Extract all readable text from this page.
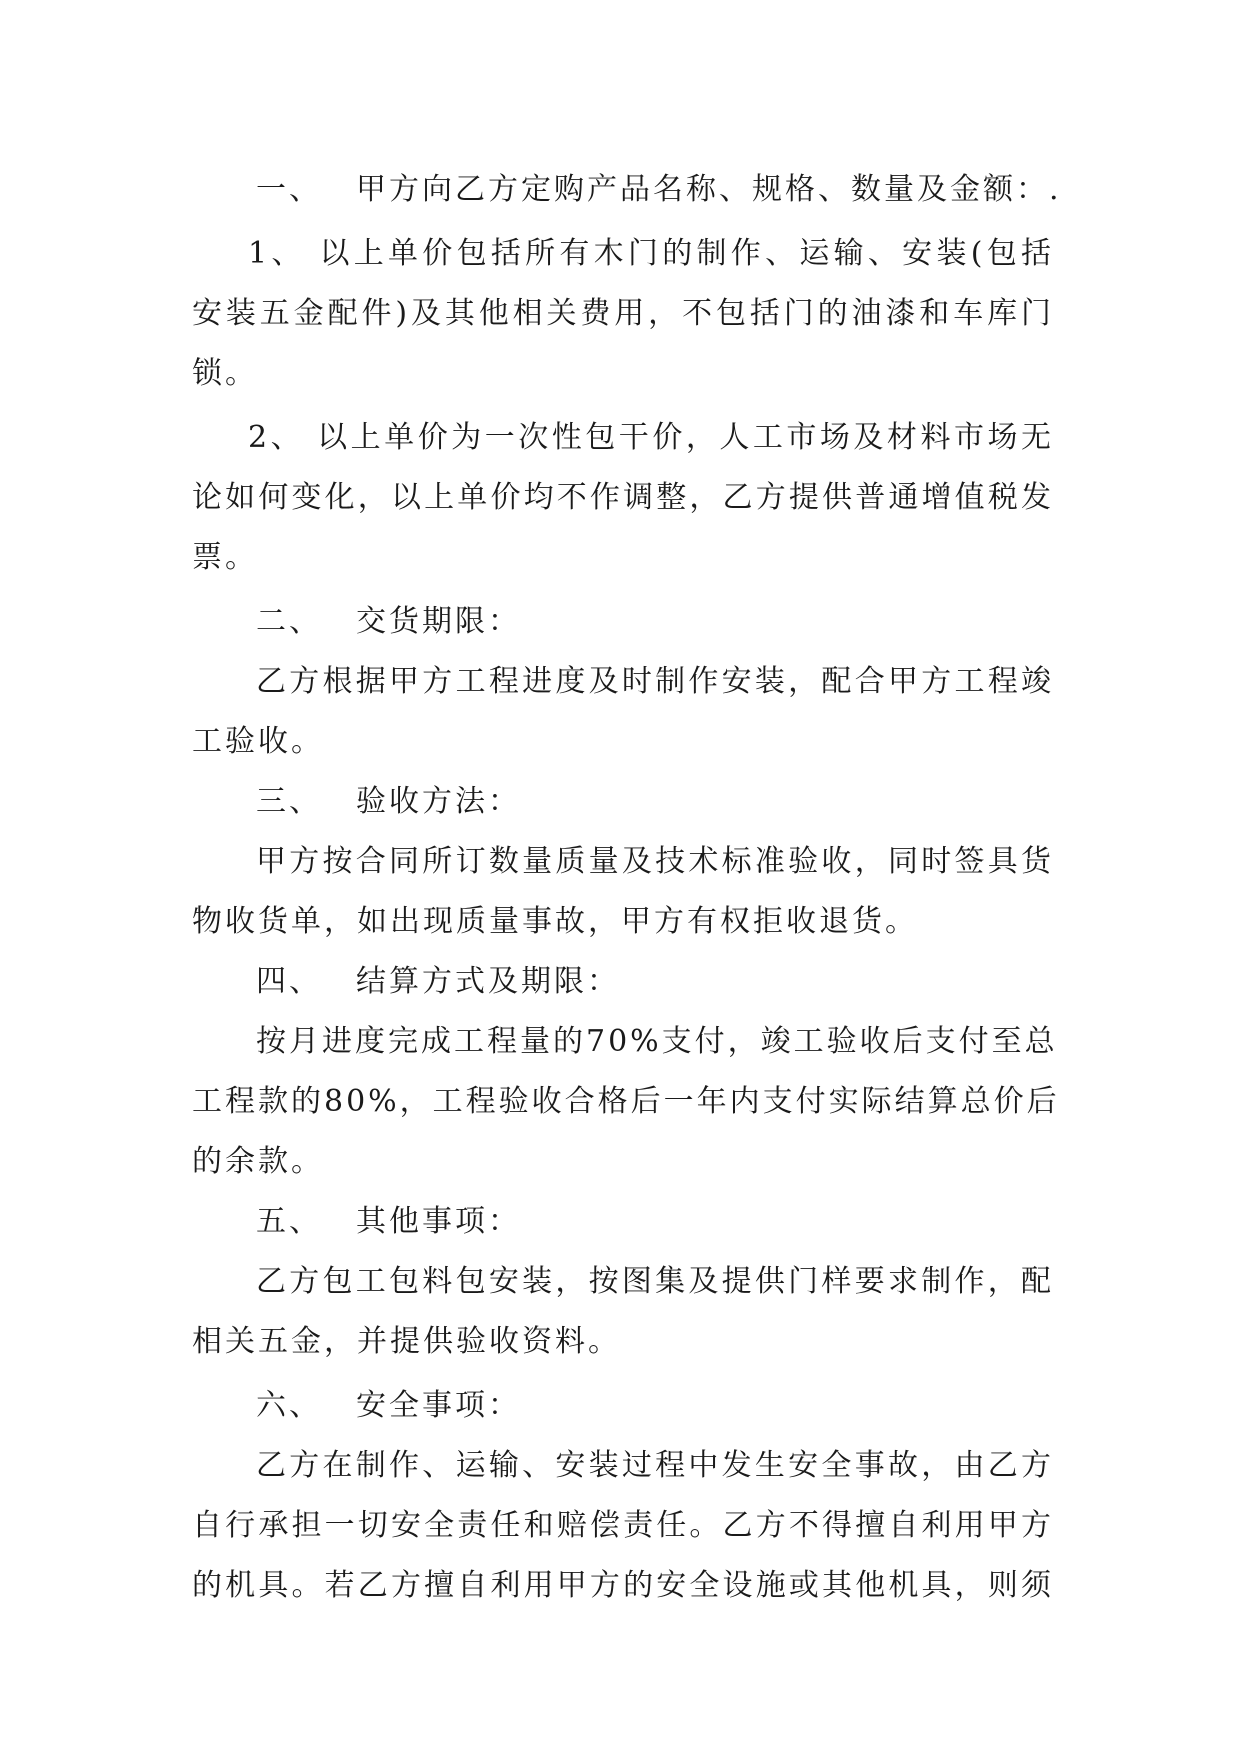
一、 甲方向乙方定购产品名称、规格、数量及金额：.
1、 以上单价包括所有木门的制作、运输、安装(包括
安装五金配件)及其他相关费用，不包括门的油漆和车库门
锁。
2、 以上单价为一次性包干价，人工市场及材料市场无
论如何变化，以上单价均不作调整，乙方提供普通增值税发
票。
二、 交货期限：
乙方根据甲方工程进度及时制作安装，配合甲方工程竣
工验收。
三、 验收方法：
甲方按合同所订数量质量及技术标准验收，同时签具货
物收货单，如出现质量事故，甲方有权拒收退货。
四、 结算方式及期限：
按月进度完成工程量的70%支付，竣工验收后支付至总
工程款的80%，工程验收合格后一年内支付实际结算总价后
的余款。
五、 其他事项：
乙方包工包料包安装，按图集及提供门样要求制作，配
相关五金，并提供验收资料。
六、 安全事项：
乙方在制作、运输、安装过程中发生安全事故，由乙方
自行承担一切安全责任和赔偿责任。乙方不得擅自利用甲方
的机具。若乙方擅自利用甲方的安全设施或其他机具，则须
